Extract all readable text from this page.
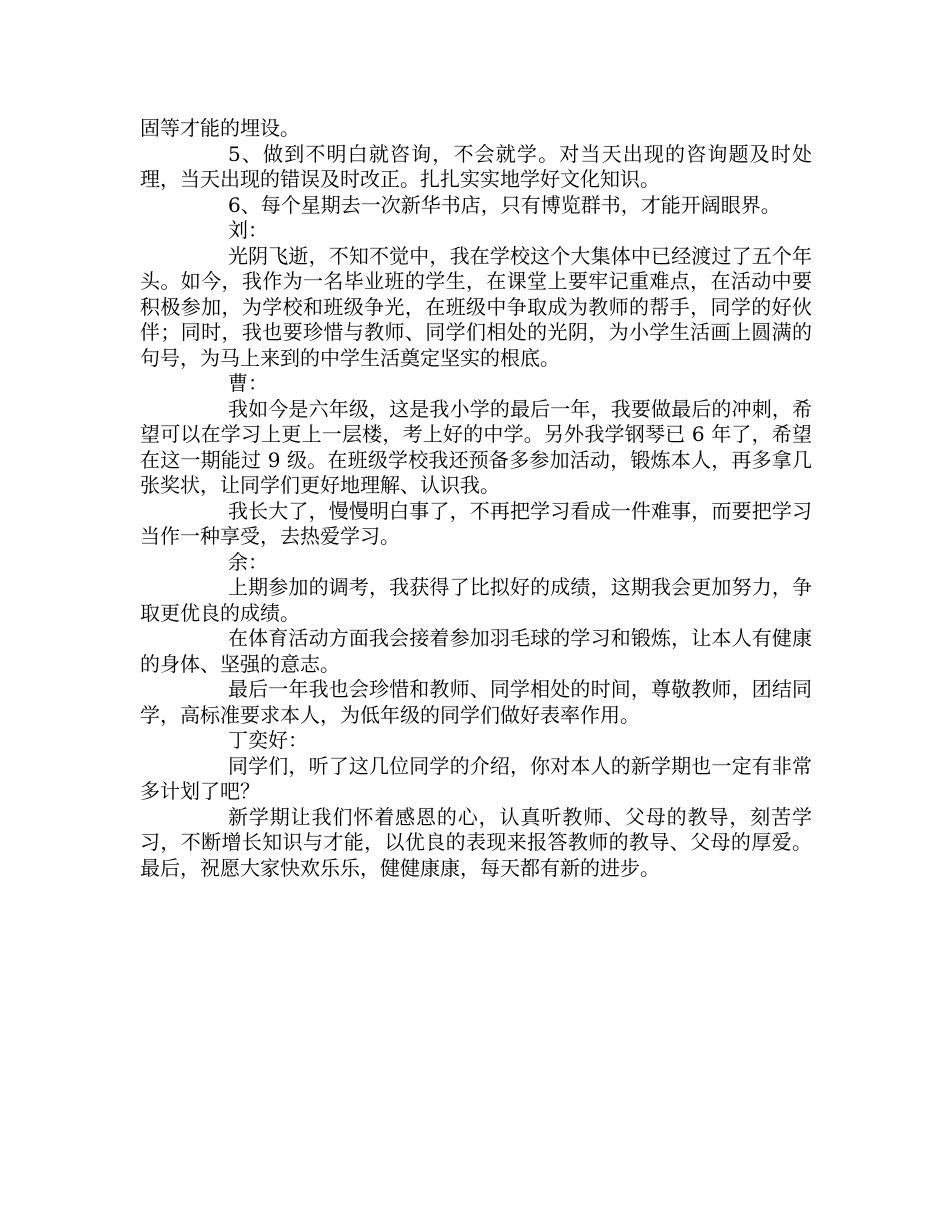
固等才能的埋设。

5、做到不明白就咨询，不会就学。对当天出现的咨询题及时处理，当天出现的错误及时改正。扎扎实实地学好文化知识。

6、每个星期去一次新华书店，只有博览群书，才能开阔眼界。

刘：

光阴飞逝，不知不觉中，我在学校这个大集体中已经渡过了五个年头。如今，我作为一名毕业班的学生，在课堂上要牢记重难点，在活动中要积极参加，为学校和班级争光，在班级中争取成为教师的帮手，同学的好伙伴；同时，我也要珍惜与教师、同学们相处的光阴，为小学生活画上圆满的句号，为马上来到的中学生活奠定坚实的根底。

曹：

我如今是六年级，这是我小学的最后一年，我要做最后的冲刺，希望可以在学习上更上一层楼，考上好的中学。另外我学钢琴已 6 年了，希望在这一期能过 9 级。在班级学校我还预备多参加活动，锻炼本人，再多拿几张奖状，让同学们更好地理解、认识我。

我长大了，慢慢明白事了，不再把学习看成一件难事，而要把学习当作一种享受，去热爱学习。

余：

上期参加的调考，我获得了比拟好的成绩，这期我会更加努力，争取更优良的成绩。

在体育活动方面我会接着参加羽毛球的学习和锻炼，让本人有健康的身体、坚强的意志。

最后一年我也会珍惜和教师、同学相处的时间，尊敬教师，团结同学，高标准要求本人，为低年级的同学们做好表率作用。

丁奕好：

同学们，听了这几位同学的介绍，你对本人的新学期也一定有非常多计划了吧？

新学期让我们怀着感恩的心，认真听教师、父母的教导，刻苦学习，不断增长知识与才能，以优良的表现来报答教师的教导、父母的厚爱。最后，祝愿大家快欢乐乐，健健康康，每天都有新的进步。
